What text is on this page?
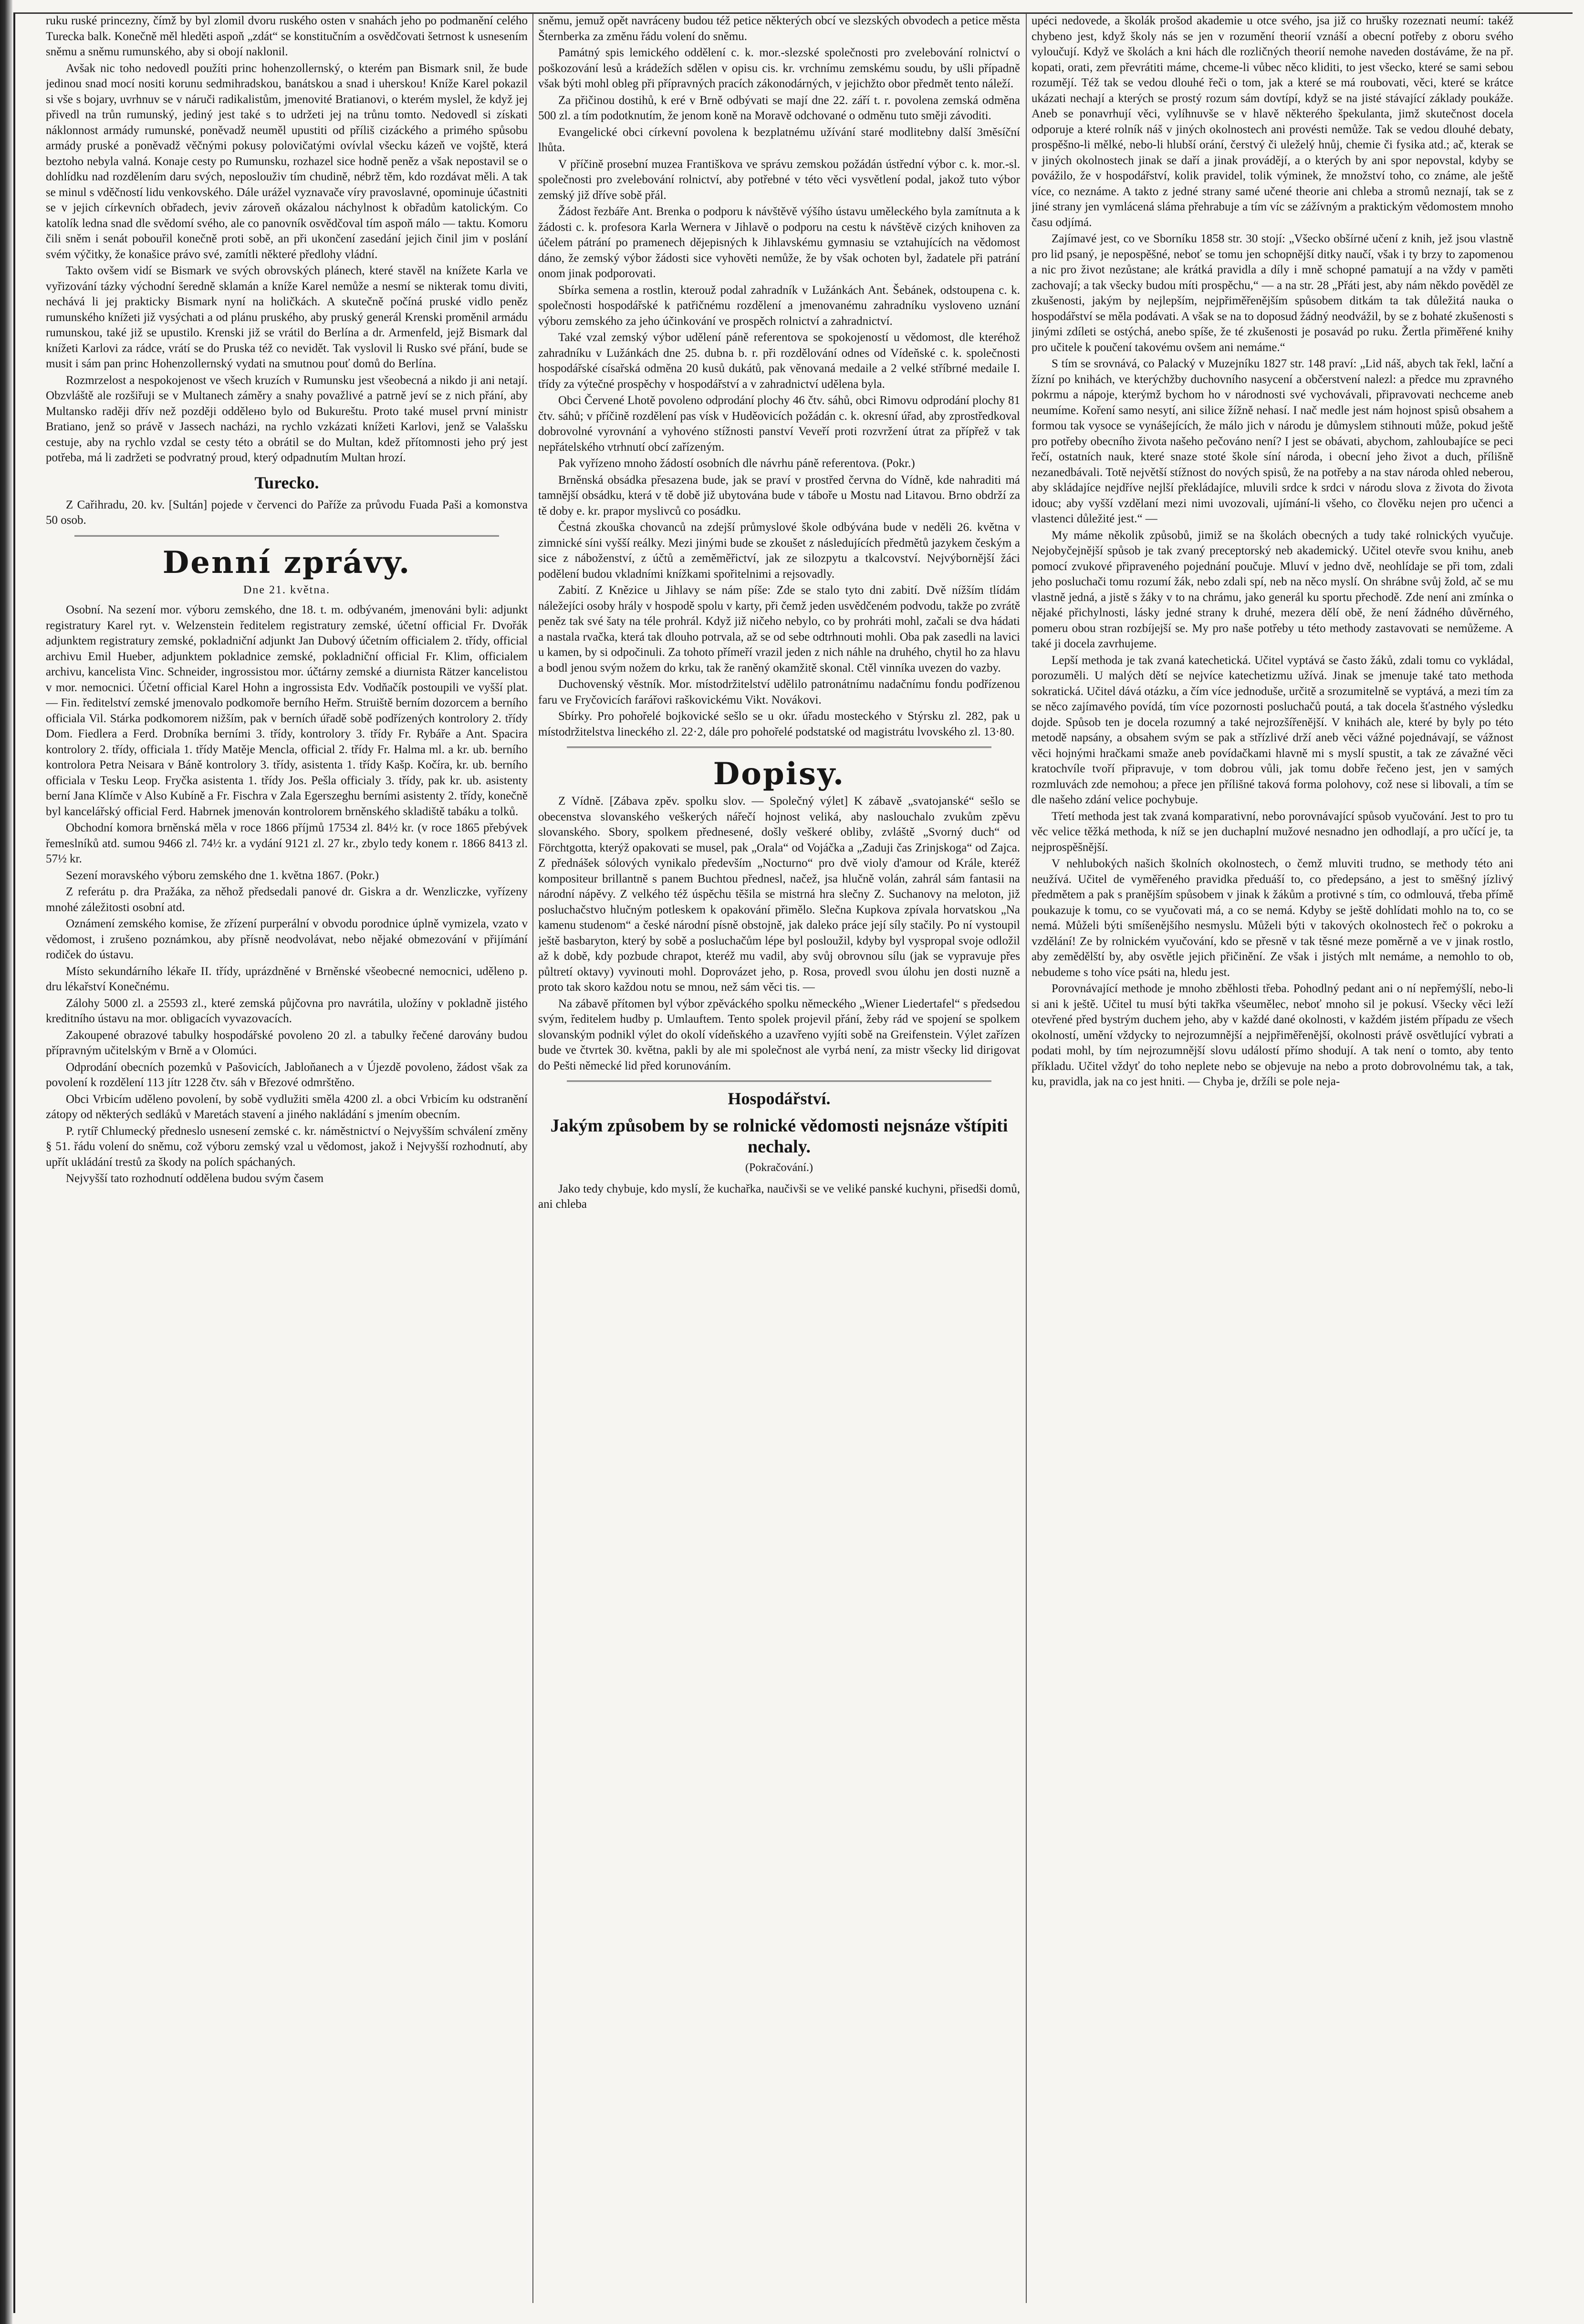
ruku ruské princezny, čímž by byl zlomil dvoru ruského osten v snahách jeho po podmanění celého Turecka balk. Konečně měl hleděti aspoň „zdát“ se konstitučním a osvědčovati šetrnost k usnesením sněmu a sněmu rumunského, aby si obojí naklonil.

Avšak nic toho nedovedl použíti princ hohenzollernský, o kterém pan Bismark snil, že bude jedinou snad mocí nositi korunu sedmihradskou, banátskou a snad i uherskou! Kníže Karel pokazil si vše s bojary, uvrhnuv se v náruči radikalistům, jmenovité Bratianovi, o kterém myslel, že když jej přivedl na trůn rumunský, jediný jest také s to udržeti jej na trůnu tomto. Nedovedl si získati náklonnost armády rumunské, poněvadž neuměl upustiti od příliš cizáckého a primého spůsobu armády pruské a poněvadž věčnými pokusy polovičatými ovívlal všecku kázeň ve vojště, která beztoho nebyla valná. Konaje cesty po Rumunsku, rozhazel sice hodně peněz a však nepostavil se o dohlídku nad rozdělením daru svých, neposlouživ tím chudině, nébrž těm, kdo rozdávat měli. A tak se minul s vděčností lidu venkovského. Dále urážel vyznavače víry pravoslavné, opominuje účastniti se v jejich církevních obřadech, jeviv zároveň okázalou náchylnost k obřadům katolickým. Co katolík ledna snad dle svědomí svého, ale co panovník osvědčoval tím aspoň málo — taktu. Komoru čili sněm i senát pobouřil konečně proti sobě, an při ukončení zasedání jejich činil jim v poslání svém výčitky, že konašice právo své, zamítli některé předlohy vládní.

Takto ovšem vidí se Bismark ve svých obrovských plánech, které stavěl na knížete Karla ve vyřizování tázky východní šeredně sklamán a kníže Karel nemůže a nesmí se nikterak tomu diviti, nechává li jej prakticky Bismark nyní na holičkách. A skutečně počíná pruské vidlo peněz rumunského knížeti již vysýchati a od plánu pruského, aby pruský generál Krenski proměnil armádu rumunskou, také již se upustilo. Krenski již se vrátil do Berlína a dr. Armenfeld, jejž Bismark dal knížeti Karlovi za rádce, vrátí se do Pruska též co nevidět. Tak vyslovil li Rusko své přání, bude se musit i sám pan princ Hohenzollernský vydati na smutnou pouť domů do Berlína.

Rozmrzelost a nespokojenost ve všech kruzích v Rumunsku jest všeobecná a nikdo ji ani netají. Obzvláště ale rozšiřuji se v Multanech záměry a snahy považlivé a patrně jeví se z nich přání, aby Multansko raději dřív než později oddělено bylo od Bukureštu. Proto také musel první ministr Bratiano, jenž so právě v Jassech nacházi, na rychlo vzkázati knížeti Karlovi, jenž se Valašsku cestuje, aby na rychlo vzdal se cesty této a obrátil se do Multan, kdež přítomnosti jeho prý jest potřeba, má li zadržeti se podvratný proud, který odpadnutím Multan hrozí.

Turecko.

Z Cařihradu, 20. kv. [Sultán] pojede v červenci do Paříže za průvodu Fuada Paši a komonstva 50 osob.

Denní zprávy.
Dne 21. května.

Osobní. Na sezení mor. výboru zemského, dne 18. t. m. odbývaném, jmenováni byli: adjunkt registratury Karel ryt. v. Welzenstein ředitelem registratury zemské, účetní official Fr. Dvořák adjunktem registratury zemské, pokladniční adjunkt Jan Dubový účetním officialem 2. třídy, official archivu Emil Hueber, adjunktem pokladnice zemské, pokladniční official Fr. Klim, officialem archivu, kancelista Vinc. Schneider, ingrossistou mor. účtárny zemské a diurnista Rätzer kancelistou v mor. nemocnici. Účetní official Karel Hohn a ingrossista Edv. Vodňačík postoupili ve vyšší plat. — Fin. ředitelství zemské jmenovalo podkomoře berního Heřm. Struiště berním dozorcem a berního officiala Vil. Stárka podkomorem nižším, pak v berních úřadě sobě podřízených kontrolory 2. třídy Dom. Fiedlera a Ferd. Drobníka berními 3. třídy, kontrolory 3. třídy Fr. Rybáře a Ant. Spacira kontrolory 2. třídy, officiala 1. třídy Matěje Mencla, official 2. třídy Fr. Halma ml. a kr. ub. berního kontrolora Petra Neisara v Báně kontrolory 3. třídy, asistenta 1. třídy Kašp. Kočíra, kr. ub. berního officiala v Tesku Leop. Fryčka asistenta 1. třídy Jos. Pešla officialy 3. třídy, pak kr. ub. asistenty berní Jana Klímče v Also Kubíně a Fr. Fischra v Zala Egerszeghu berními asistenty 2. třídy, konečně byl kancelářský official Ferd. Habrnek jmenován kontrolorem brněnského skladiště tabáku a tolků.

Obchodní komora brněnská měla v roce 1866 příjmů 17534 zl. 84½ kr. (v roce 1865 přebývek řemeslníků atd. sumou 9466 zl. 74½ kr. a vydání 9121 zl. 27 kr., zbylo tedy konem r. 1866 8413 zl. 57½ kr.

Sezení moravského výboru zemského dne 1. května 1867. (Pokr.)

Z referátu p. dra Pražáka, za něhož předsedali panové dr. Giskra a dr. Wenzliczke, vyřízeny mnohé záležitosti osobní atd.

Oznámení zemského komise, že zřízení purperální v obvodu porodnice úplně vymizela, vzato v vědomost, i zrušeno poznámkou, aby přísně neodvolávat, nebo nějaké obmezování v přijímání rodiček do ústavu.

Místo sekundárního lékaře II. třídy, uprázdněné v Brněnské všeobecné nemocnici, uděleno p. dru lékařství Konečnému.

Zálohy 5000 zl. a 25593 zl., které zemská půjčovna pro navrátila, uložíny v pokladně jistého kreditního ústavu na mor. obligacích vyvazovacích.

Zakoupené obrazové tabulky hospodářské povoleno 20 zl. a tabulky řečené darovány budou přípravným učitelským v Brně a v Olomúci.

Odprodání obecních pozemků v Pašovicích, Jabloňanech a v Újezdě povoleno, žádost však za povolení k rozdělení 113 jítr 1228 čtv. sáh v Březové odmrštěno.

Obci Vrbicím uděleno povolení, by sobě vydlužiti směla 4200 zl. a obci Vrbicím ku odstranění zátopy od některých sedláků v Maretách stavení a jiného nakládání s jmením obecním.

P. rytíř Chlumecký předneslo usnesení zemské c. kr. náměstnictví o Nejvyšším schválení změny § 51. řádu volení do sněmu, což výboru zemský vzal u vědomost, jakož i Nejvyšší rozhodnutí, aby upřít ukládání trestů za škody na polích spáchaných.

Nejvyšší tato rozhodnutí oddělena budou svým časem

sněmu, jemuž opět navráceny budou též petice některých obcí ve slezských obvodech a petice města Šternberka za změnu řádu volení do sněmu.

Památný spis lemického oddělení c. k. mor.-slezské společnosti pro zvelebování rolnictví o poškozování lesů a krádežích sdělen v opisu cis. kr. vrchnímu zemskému soudu, by ušli případně však býti mohl obleg při přípravných pracích zákonodárných, v jejichžto obor předmět tento náleží.

Za přičinou dostihů, k eré v Brně odbývati se mají dne 22. září t. r. povolena zemská odměna 500 zl. a tím podotknutím, že jenom koně na Moravě odchované o odměnu tuto směji závoditi.

Evangelické obci církevní povolena k bezplatnému užívání staré modlitebny další 3měsíční lhůta.

V příčině prosební muzea Františkova ve správu zemskou požádán ústřední výbor c. k. mor.-sl. společnosti pro zvelebování rolnictví, aby potřebné v této věci vysvětlení podal, jakož tuto výbor zemský již dříve sobě přál.

Žádost řezbáře Ant. Brenka o podporu k návštěvě výšího ústavu uměleckého byla zamítnuta a k žádosti c. k. profesora Karla Wernera v Jihlavě o podporu na cestu k návštěvě cizých knihoven za účelem pátrání po pramenech dějepisných k Jihlavskému gymnasiu se vztahujících na vědomost dáno, že zemský výbor žádosti sice vyhověti nemůže, že by však ochoten byl, žadatele při patrání onom jinak podporovati.

Sbírka semena a rostlin, kterouž podal zahradník v Lužánkách Ant. Šebánek, odstoupena c. k. společnosti hospodářské k patřičnému rozdělení a jmenovanému zahradníku vysloveno uznání výboru zemského za jeho účinkování ve prospěch rolnictví a zahradnictví.

Také vzal zemský výbor udělení páně referentova se spokojeností u vědomost, dle kteréhož zahradníku v Lužánkách dne 25. dubna b. r. při rozdělování odnes od Vídeňské c. k. společnosti hospodářské císařská odměna 20 kusů dukátů, pak věnovaná medaile a 2 velké stříbrné medaile I. třídy za výtečné prospěchy v hospodářství a v zahradnictví udělena byla.

Obci Červené Lhotě povoleno odprodání plochy 46 čtv. sáhů, obci Rimovu odprodání plochy 81 čtv. sáhů; v příčině rozdělení pas vísk v Huděovicích požádán c. k. okresní úřad, aby zprostředkoval dobrovolné vyrovnání a vyhovéno stížnosti panství Veveří proti rozvržení útrat za přípřež v tak nepřátelského vtrhnutí obcí zařízeným.

Pak vyřízeno mnoho žádostí osobních dle návrhu páně referentova. (Pokr.)

Brněnská obsádka přesazena bude, jak se praví v prostřed června do Vídně, kde nahraditi má tamnější obsádku, která v tě době již ubytována bude v táboře u Mostu nad Litavou. Brno obdrží za tě doby e. kr. prapor myslivců co posádku.

Čestná zkouška chovanců na zdejší průmyslové škole odbývána bude v neděli 26. května v zimnické síni vyšší reálky. Mezi jinými bude se zkoušet z následujících předmětů jazykem českým a sice z náboženství, z účtů a zeměměřictví, jak ze silozpytu a tkalcovství. Nejvýbornější žáci podělení budou vkladními knížkami spořitelnimi a rejsovadly.

Zabití. Z Knězice u Jihlavy se nám píše: Zde se stalo tyto dni zabití. Dvě nížším tlídám náležejíci osoby hrály v hospodě spolu v karty, při čemž jeden usvědčeném podvodu, takže po zvrátě peněz tak své šaty na téle prohrál. Když již ničeho nebylo, co by prohráti mohl, začali se dva hádati a nastala rvačka, která tak dlouho potrvala, až se od sebe odtrhnouti mohli. Oba pak zasedli na lavici u kamen, by si odpočinuli. Za tohoto přímeří vrazil jeden z nich náhle na druhého, chytil ho za hlavu a bodl jenou svým nožem do krku, tak že raněný okamžitě skonal. Ctěl vinníka uvezen do vazby.

Duchovenský věstník. Mor. místodržitelství udělilo patronátnímu nadačnímu fondu podřízenou faru ve Fryčovicích farářovi raškovickému Vikt. Novákovi.

Sbírky. Pro pohořelé bojkovické sešlo se u okr. úřadu mosteckého v Stýrsku zl. 282, pak u místodržitelstva lineckého zl. 22·2, dále pro pohořelé podstatské od magistrátu lvovského zl. 13·80.

Dopisy.

Z Vídně. [Zábava zpěv. spolku slov. — Společný výlet] K zábavě „svatojanské“ sešlo se obecenstva slovanského veškerých nářečí hojnost veliká, aby naslouchalo zvukům zpěvu slovanského. Sbory, spolkem přednesené, došly veškeré obliby, zvláště „Svorný duch“ od Förchtgotta, kterýž opakovati se musel, pak „Orala“ od Vojáčka a „Zaduji čas Zrinjskoga“ od Zajca. Z přednášek sólových vynikalo především „Nocturno“ pro dvě violy d'amour od Krále, kteréž kompositeur brillantně s panem Buchtou přednesl, načež, jsa hlučně volán, zahrál sám fantasii na národní nápěvy. Z velkého též úspěchu těšila se mistrná hra slečny Z. Suchanovy na meloton, již posluchačstvo hlučným potleskem k opakování přimělo. Slečna Kupkova zpívala horvatskou „Na kamenu studenom“ a české národní písně obstojně, jak daleko práce její síly stačily. Po ní vystoupil ještě basbaryton, který by sobě a posluchačům lépe byl posloužil, kdyby byl vyspropal svoje odložil až k době, kdy pozbude chrapot, kteréž mu vadil, aby svůj obrovnou sílu (jak se vypravuje přes půltretí oktavy) vyvinouti mohl. Doprovázet jeho, p. Rosa, provedl svou úlohu jen dosti nuzně a proto tak skoro každou notu se mnou, než sám věci tis. —

Na zábavě přítomen byl výbor zpěváckého spolku německého „Wiener Liedertafel“ s předsedou svým, ředitelem hudby p. Umlauftem. Tento spolek projevil přání, žeby rád ve spojení se spolkem slovanským podnikl výlet do okolí vídeňského a uzavřeno vyjíti sobě na Greifenstein. Výlet zařízen bude ve čtvrtek 30. května, pakli by ale mi společnost ale vyrbá není, za mistr všecky lid dirigovat do Pešti německé lid před korunováním.

Hospodářství.
Jakým způsobem by se rolnické vědomosti nejsnáze vštípiti nechaly.
(Pokračování.)

Jako tedy chybuje, kdo myslí, že kuchařka, naučivši se ve veliké panské kuchyni, přisedši domů, ani chleba

upéci nedovede, a školák prošod akademie u otce svého, jsa již co hrušky rozeznati neumí: takéž chybeno jest, když školy nás se jen v rozumění theorií vznáší a obecní potřeby z oboru svého vyloučují. Když ve školách a kni hách dle rozličných theorií nemohe naveden dostáváme, že na př. kopati, orati, zem převrátiti máme, chceme-li vůbec něco kliditi, to jest všecko, které se sami sebou rozumějí. Též tak se vedou dlouhé řeči o tom, jak a které se má roubovati, věci, které se krátce ukázati nechají a kterých se prostý rozum sám dovtípí, když se na jisté stávající základy poukáže. Aneb se ponavrhují věci, vylíhnuvše se v hlavě některého špekulanta, jimž skutečnost docela odporuje a které rolník náš v jiných okolnostech ani provésti nemůže. Tak se vedou dlouhé debaty, prospěšno-li mělké, nebo-li hlubší orání, čerstvý či uleželý hnůj, chemie či fysika atd.; ač, kterak se v jiných okolnostech jinak se daří a jinak provádějí, a o kterých by ani spor nepovstal, kdyby se povážilo, že v hospodářství, kolik pravidel, tolik výminek, že množství toho, co známe, ale ještě více, co neznáme. A takto z jedné strany samé učené theorie ani chleba a stromů neznají, tak se z jiné strany jen vymlácená sláma přehrabuje a tím víc se zážívným a praktickým vědomostem mnoho času odjímá.

Zajímavé jest, co ve Sborníku 1858 str. 30 stojí: „Všecko obšírné učení z knih, jež jsou vlastně pro lid psaný, je nepospěšné, neboť se tomu jen schopnější ditky naučí, však i ty brzy to zapomenou a nic pro život nezůstane; ale krátká pravidla a díly i mně schopné pamatují a na vždy v paměti zachovají; a tak všecky budou míti prospěchu,“ — a na str. 28 „Přáti jest, aby nám někdo pověděl ze zkušenosti, jakým by nejlepším, nejpřiměřenějším spůsobem ditkám ta tak důležitá nauka o hospodářství se měla podávati. A však se na to doposud žádný neodvážil, by se z bohaté zkušenosti s jinými zdíleti se ostýchá, anebo spíše, že té zkušenosti je posavád po ruku. Žertla přiměřené knihy pro učitele k poučení takovému ovšem ani nemáme.“

S tím se srovnává, co Palacký v Muzejníku 1827 str. 148 praví: „Lid náš, abych tak řekl, lační a žízní po knihách, ve kterýchžby duchovního nasycení a občerstvení nalezl: a předce mu zpravného pokrmu a nápoje, kterýmž bychom ho v národnosti své vychovávali, připravovati nechceme aneb neumíme. Koření samo nesytí, ani silice žížně nehasí. I nač medle jest nám hojnost spisů obsahem a formou tak vysoce se vynášejících, že málo jich v národu je důmyslem stihnouti může, pokud ještě pro potřeby obecního života našeho pečováno není? I jest se obávati, abychom, zahloubajíce se peci řečí, ostatních nauk, které snaze stoté škole síní národa, i obecní jeho život a duch, přílišně nezanedbávali. Totě největší stížnost do nových spisů, že na potřeby a na stav národa ohled neberou, aby skládajíce nejdříve nejlší překládajíce, mluvili srdce k srdci v národu slova z života do života idouc; aby vyšší vzdělaní mezi nimi uvozovali, ujímání-li všeho, co člověku nejen pro učenci a vlastenci důležité jest.“ —

My máme několik způsobů, jimiž se na školách obecných a tudy také rolnických vyučuje. Nejobyčejnější spůsob je tak zvaný preceptorský neb akademický. Učitel otevře svou knihu, aneb pomocí zvukové připraveného pojednání poučuje. Mluví v jedno dvě, neohlídaje se při tom, zdali jeho posluchači tomu rozumí žák, nebo zdali spí, neb na něco myslí. On shrábne svůj žold, ač se mu vlastně jedná, a jistě s žáky v to na chrámu, jako generál ku sportu přechodě. Zde není ani zmínka o nějaké přichylnosti, lásky jedné strany k druhé, mezera dělí obě, že není žádného důvěrného, pomeru obou stran rozbíjejší se. My pro naše potřeby u této methody zastavovati se nemůžeme. A také ji docela zavrhujeme.

Lepší methoda je tak zvaná katechetická. Učitel vyptává se často žáků, zdali tomu co vykládal, porozuměli. U malých dětí se nejvíce katechetizmu užívá. Jinak se jmenuje také tato methoda sokratická. Učitel dává otázku, a čím více jednoduše, určitě a srozumitelně se vyptává, a mezi tím za se něco zajímavého povídá, tím více pozornosti posluchačů poutá, a tak docela šťastného výsledku dojde. Spůsob ten je docela rozumný a také nejrozšířenější. V knihách ale, které by byly po této metodě napsány, a obsahem svým se pak a střízlivé drží aneb věci vážné pojednávají, se vážnost věci hojnými hračkami smaže aneb povídačkami hlavně mi s myslí spustit, a tak ze závažné věci kratochvíle tvoří připravuje, v tom dobrou vůli, jak tomu dobře řečeno jest, jen v samých rozmluvách zde nemohou; a přece jen přílišné taková forma polohovy, což nese si libovali, a tím se dle našeho zdání velice pochybuje.

Třetí methoda jest tak zvaná komparativní, nebo porovnávající spůsob vyučování. Jest to pro tu věc velice těžká methoda, k níž se jen duchaplní mužové nesnadno jen odhodlají, a pro učící je, ta nejprospěšnější.

V nehlubokých našich školních okolnostech, o čemž mluviti trudno, se methody této ani neužívá. Učitel de vyměřeného pravidka předuáší to, co předepsáno, a jest to směšný jízlivý předmětem a pak s pranějším spůsobem v jinak k žákům a protivné s tím, co odmlouvá, třeba přímě poukazuje k tomu, co se vyučovati má, a co se nemá. Kdyby se ještě dohlídati mohlo na to, co se nemá. Můželi býti smíšenějšího nesmyslu. Můželi býti v takových okolnostech řeč o pokroku a vzdělání! Ze by rolnickém vyučování, kdo se přesně v tak těsné meze poměrně a ve v jinak rostlo, aby zemědělští by, aby osvětle jejich přičinění. Ze však i jistých mlt nemáme, a nemohlo to ob, nebudeme s toho více psáti na, hledu jest.

Porovnávající methode je mnoho zběhlosti třeba. Pohodlný pedant ani o ní nepřemýšlí, nebo-li si ani k ještě. Učitel tu musí býti takřka všeumělec, neboť mnoho sil je pokusí. Všecky věci leží otevřené před bystrým duchem jeho, aby v každé dané okolnosti, v každém jistém případu ze všech okolností, umění vždycky to nejrozumnější a nejpřiměřenější, okolnosti právě osvětlující vybrati a podati mohl, by tím nejrozumnější slovu událostí přímo shodují. A tak není o tomto, aby tento příkladu. Učitel vždyť do toho neplete nebo se objevuje na nebo a proto dobrovolnému tak, a tak, ku, pravidla, jak na co jest hniti. — Chyba je, držíli se pole neja-
